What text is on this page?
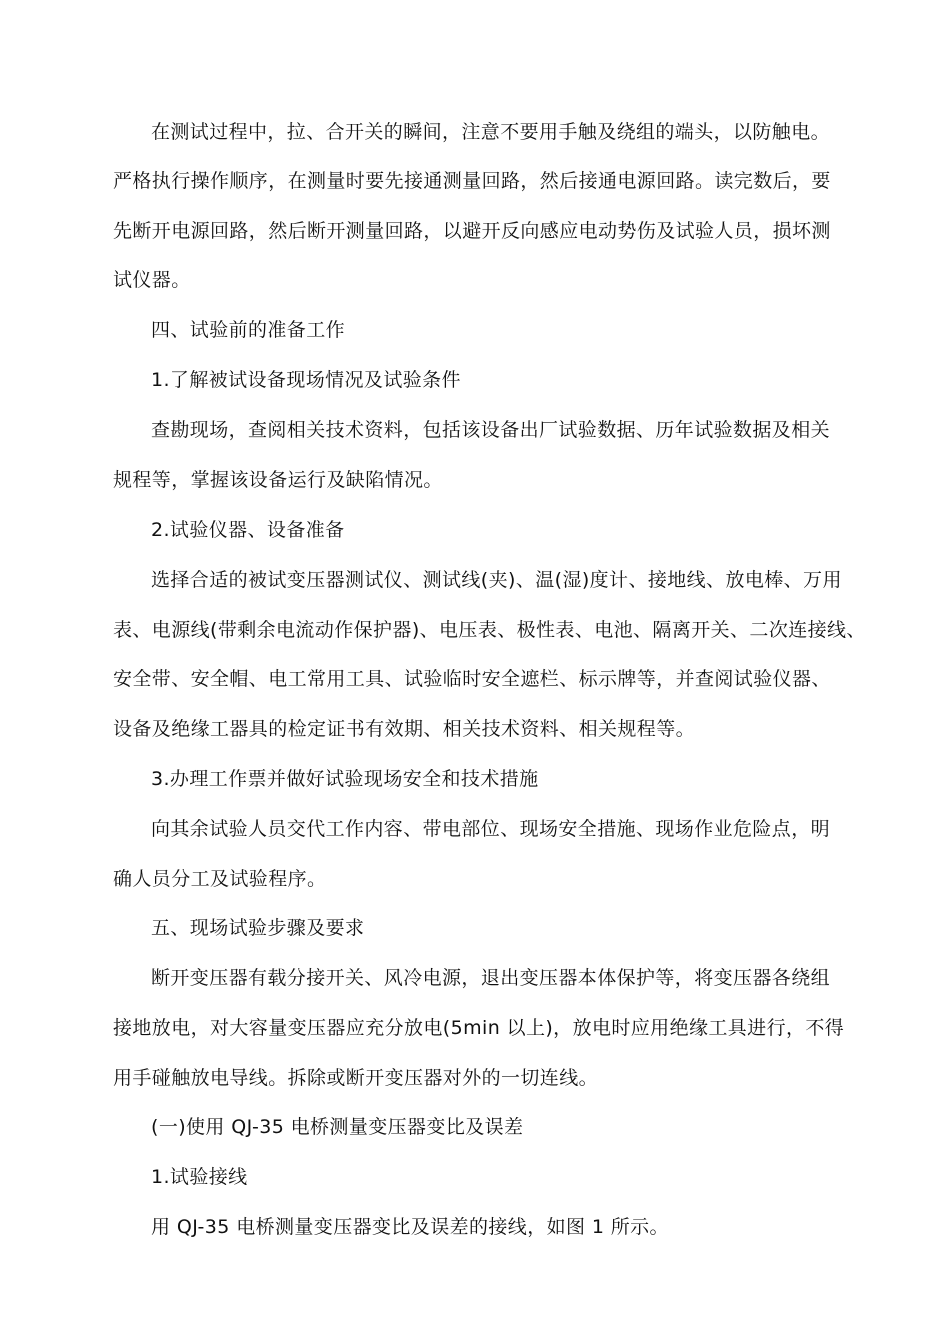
在测试过程中，拉、合开关的瞬间，注意不要用手触及绕组的端头，以防触电。
严格执行操作顺序，在测量时要先接通测量回路，然后接通电源回路。读完数后，要
先断开电源回路，然后断开测量回路，以避开反向感应电动势伤及试验人员，损坏测
试仪器。
四、试验前的准备工作
1.了解被试设备现场情况及试验条件
查勘现场，查阅相关技术资料，包括该设备出厂试验数据、历年试验数据及相关
规程等，掌握该设备运行及缺陷情况。
2.试验仪器、设备准备
选择合适的被试变压器测试仪、测试线(夹)、温(湿)度计、接地线、放电棒、万用
表、电源线(带剩余电流动作保护器)、电压表、极性表、电池、隔离开关、二次连接线、
安全带、安全帽、电工常用工具、试验临时安全遮栏、标示牌等，并查阅试验仪器、
设备及绝缘工器具的检定证书有效期、相关技术资料、相关规程等。
3.办理工作票并做好试验现场安全和技术措施
向其余试验人员交代工作内容、带电部位、现场安全措施、现场作业危险点，明
确人员分工及试验程序。
五、现场试验步骤及要求
断开变压器有载分接开关、风冷电源，退出变压器本体保护等，将变压器各绕组
接地放电，对大容量变压器应充分放电(5min 以上)，放电时应用绝缘工具进行，不得
用手碰触放电导线。拆除或断开变压器对外的一切连线。
(一)使用 QJ-35 电桥测量变压器变比及误差
1.试验接线
用 QJ-35 电桥测量变压器变比及误差的接线，如图 1 所示。
